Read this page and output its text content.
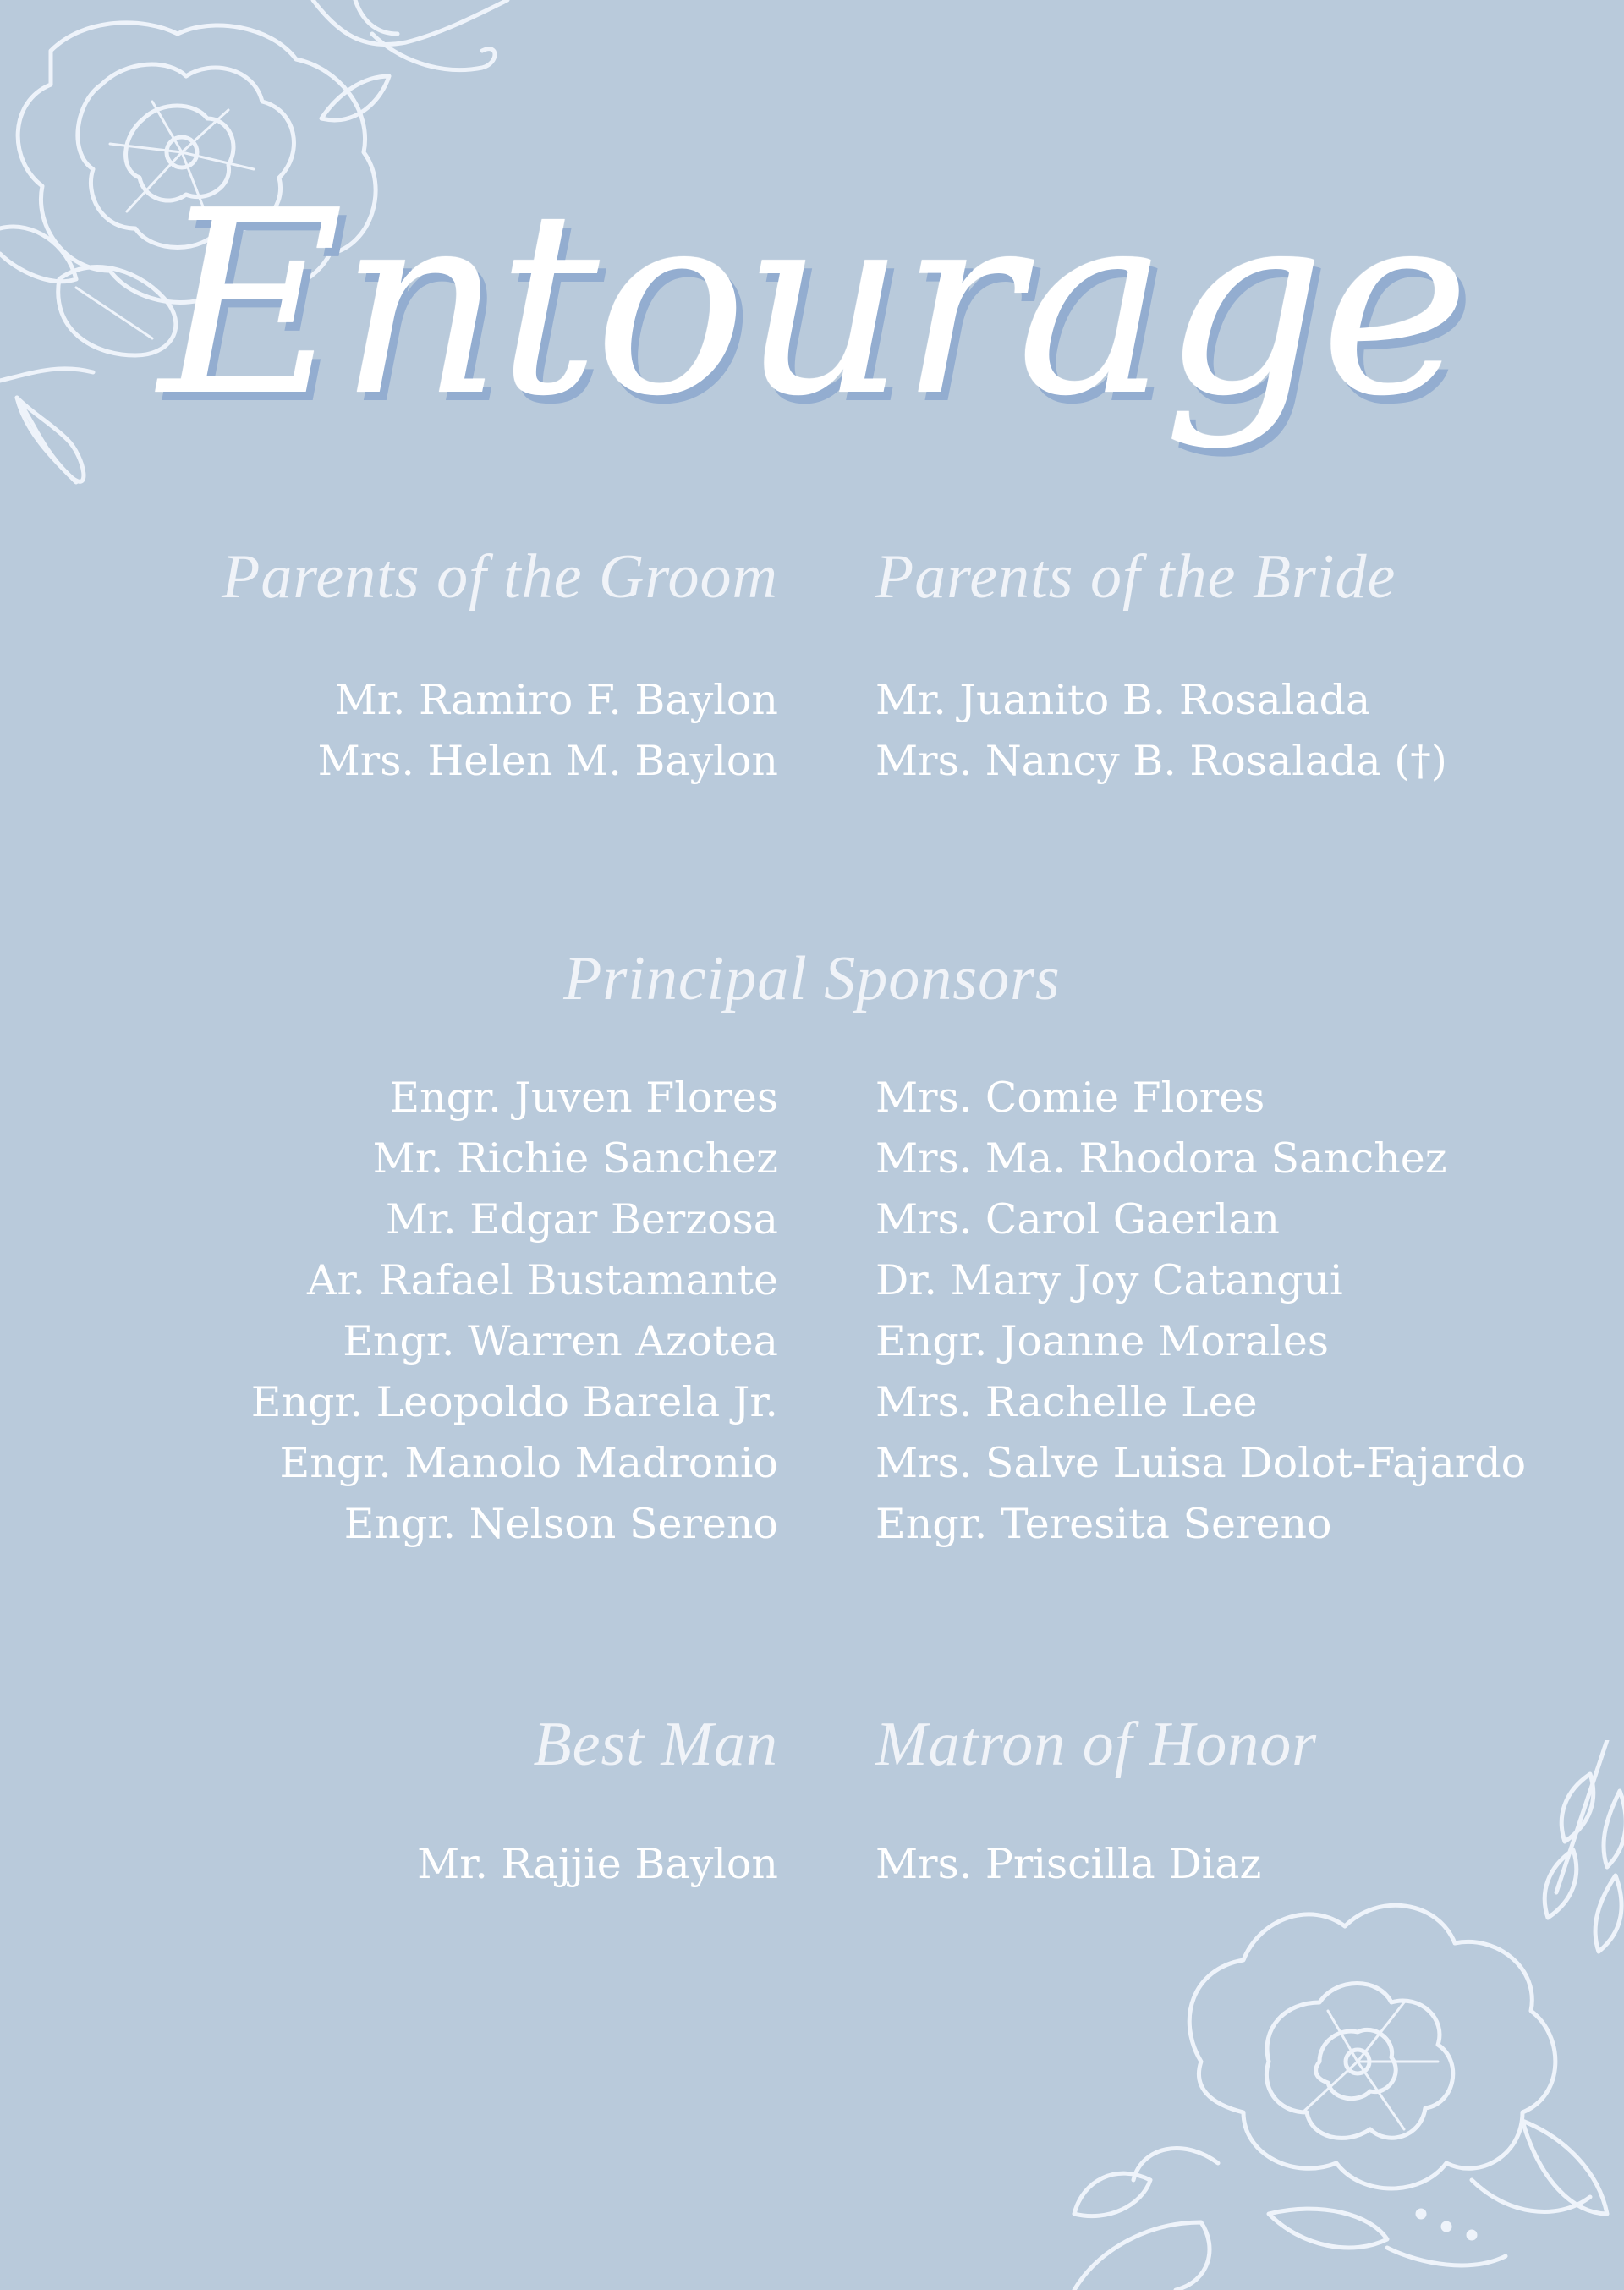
Entourage
Parents of the Groom Parents of the Bride
Mr. Ramiro F. Baylon
Mrs. Helen M. Baylon
Mr. Juanito B. Rosalada
Mrs. Nancy B. Rosalada (†)
Principal Sponsors
Engr. Juven Flores
Mr. Richie Sanchez
Mr. Edgar Berzosa
Ar. Rafael Bustamante
Engr. Warren Azotea
Engr. Leopoldo Barela Jr.
Engr. Manolo Madronio
Engr. Nelson Sereno
Mrs. Comie Flores
Mrs. Ma. Rhodora Sanchez
Mrs. Carol Gaerlan
Dr. Mary Joy Catangui
Engr. Joanne Morales
Mrs. Rachelle Lee
Mrs. Salve Luisa Dolot-Fajardo
Engr. Teresita Sereno
Best Man Matron of Honor
Mr. Rajjie Baylon Mrs. Priscilla Diaz
